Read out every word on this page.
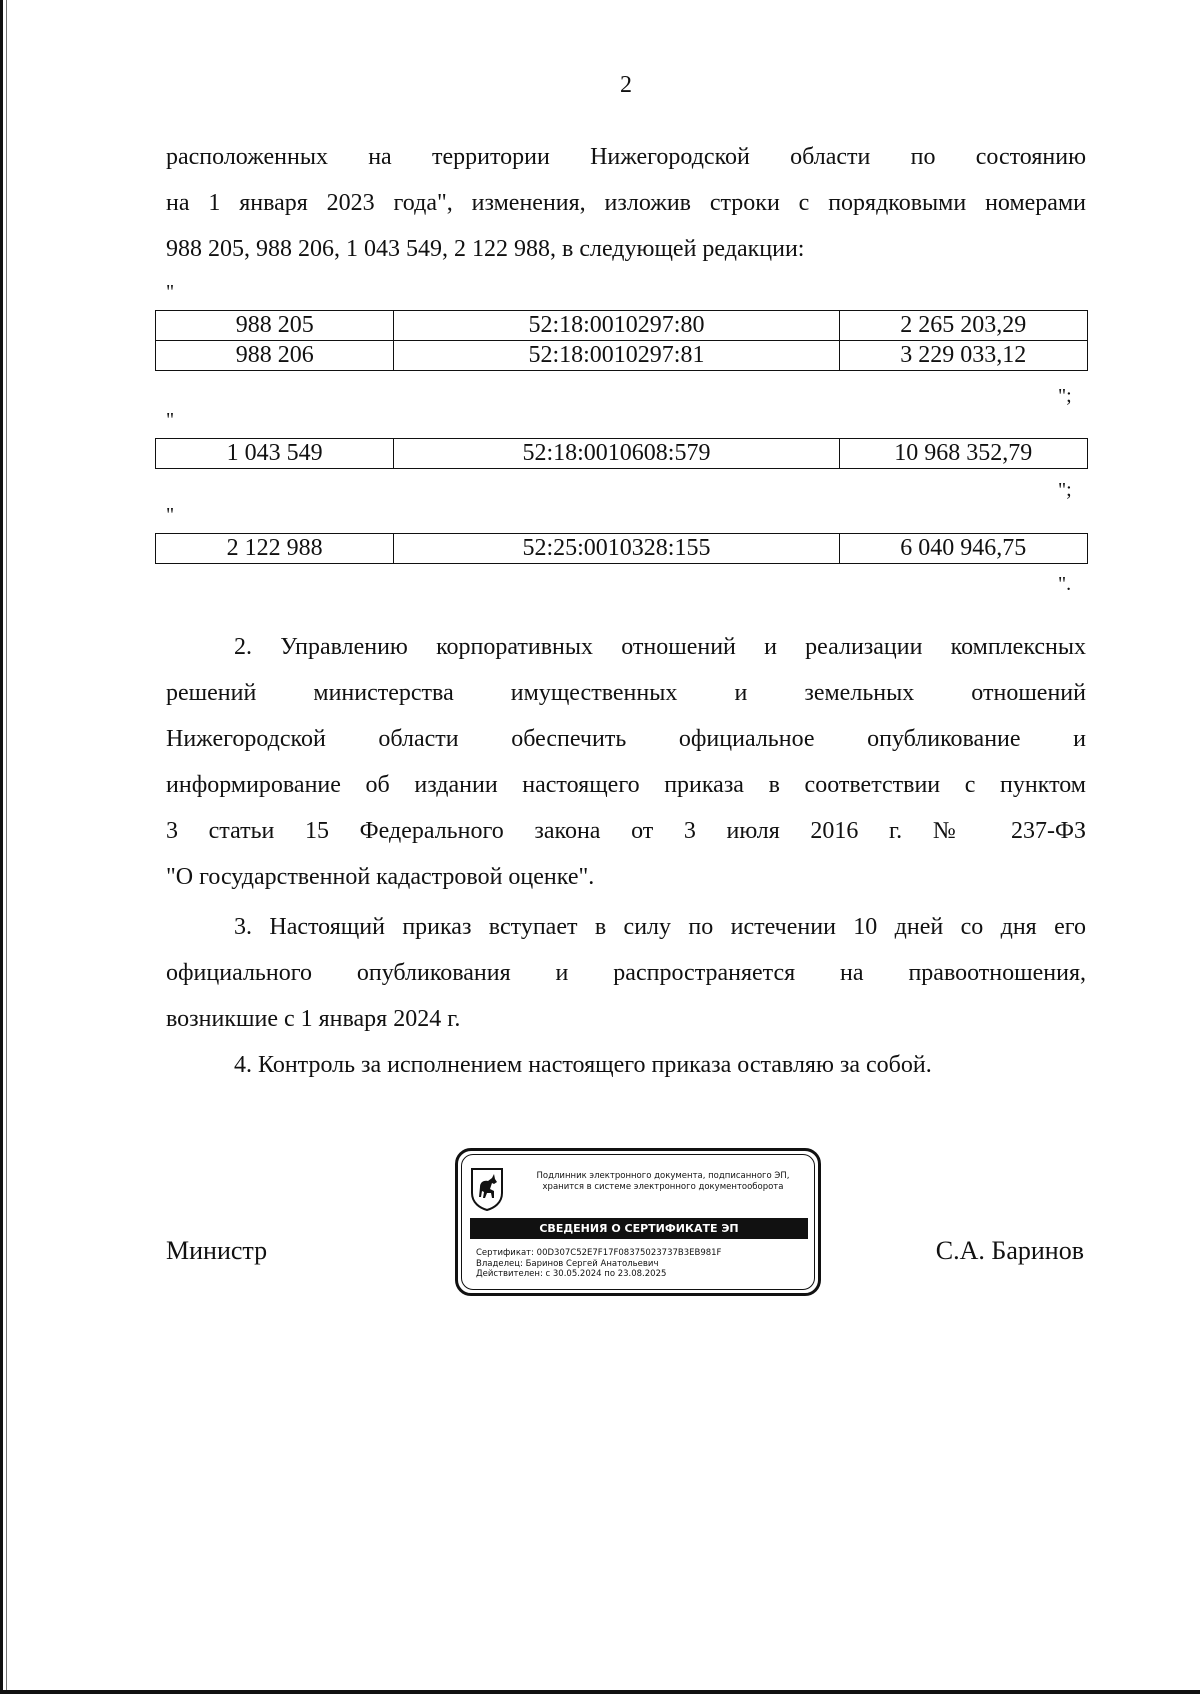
2
расположенных на территории Нижегородской области по состоянию
на 1 января 2023 года", изменения, изложив строки с порядковыми номерами
988 205, 988 206, 1 043 549, 2 122 988, в следующей редакции:
"
988 205	52:18:0010297:80	2 265 203,29
988 206	52:18:0010297:81	3 229 033,12
";
"
1 043 549	52:18:0010608:579	10 968 352,79
";
"
2 122 988	52:25:0010328:155	6 040 946,75
".
2. Управлению корпоративных отношений и реализации комплексных
решений министерства имущественных и земельных отношений
Нижегородской области обеспечить официальное опубликование и
информирование об издании настоящего приказа в соответствии с пунктом
3 статьи 15 Федерального закона от 3 июля 2016 г. № 237-ФЗ
"О государственной кадастровой оценке".
3. Настоящий приказ вступает в силу по истечении 10 дней со дня его
официального опубликования и распространяется на правоотношения,
возникшие с 1 января 2024 г.
4. Контроль за исполнением настоящего приказа оставляю за собой.
Подлинник электронного документа, подписанного ЭП,
хранится в системе электронного документооборота
СВЕДЕНИЯ О СЕРТИФИКАТЕ ЭП
Сертификат: 00D307C52E7F17F08375023737B3EB981F
Владелец: Баринов Сергей Анатольевич
Действителен: с 30.05.2024 по 23.08.2025
Министр	С.А. Баринов
